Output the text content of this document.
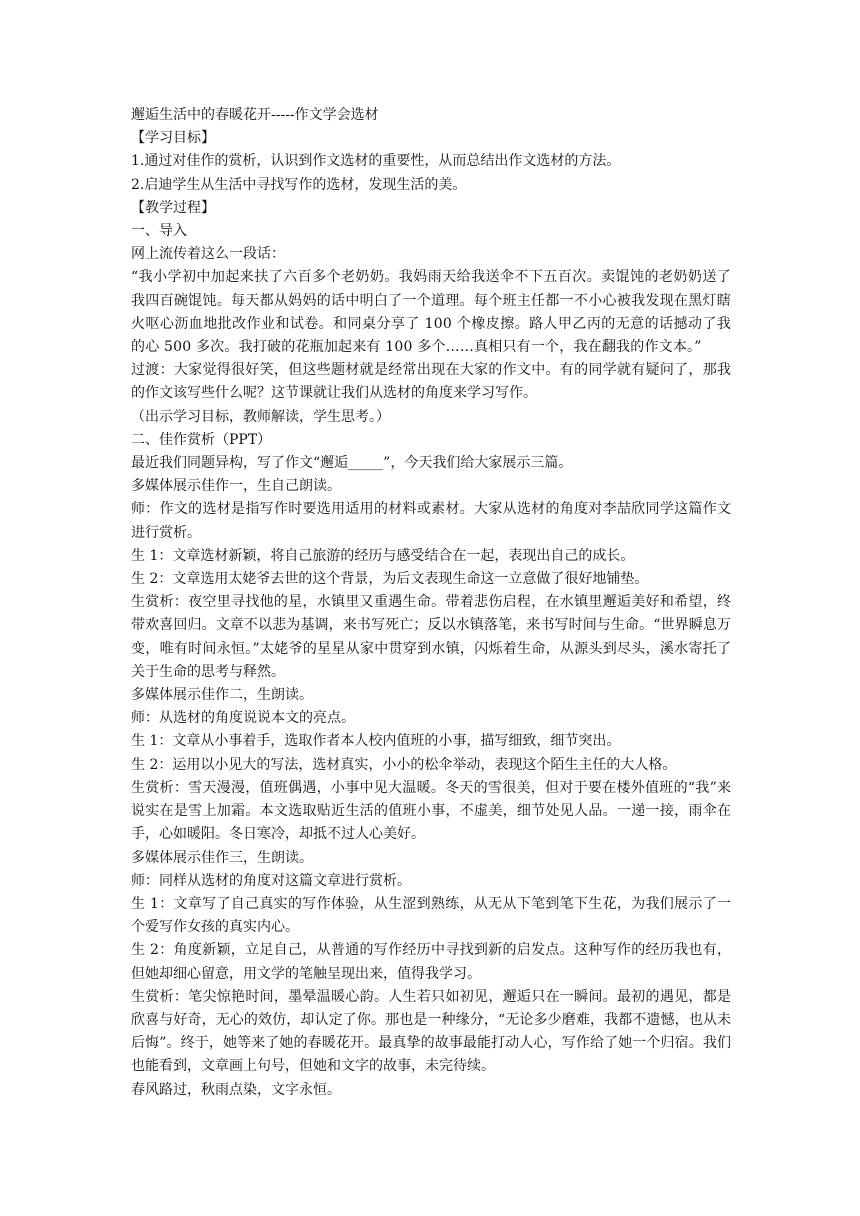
邂逅生活中的春暖花开-----作文学会选材

【学习目标】

1.通过对佳作的赏析，认识到作文选材的重要性，从而总结出作文选材的方法。

2.启迪学生从生活中寻找写作的选材，发现生活的美。

【教学过程】

一、导入

网上流传着这么一段话：

“我小学初中加起来扶了六百多个老奶奶。我妈雨天给我送伞不下五百次。卖馄饨的老奶奶送了我四百碗馄饨。每天都从妈妈的话中明白了一个道理。每个班主任都一不小心被我发现在黑灯瞎火呕心沥血地批改作业和试卷。和同桌分享了 100 个橡皮擦。路人甲乙丙的无意的话撼动了我的心 500 多次。我打破的花瓶加起来有 100 多个……真相只有一个，我在翻我的作文本。”

过渡：大家觉得很好笑，但这些题材就是经常出现在大家的作文中。有的同学就有疑问了，那我的作文该写些什么呢？这节课就让我们从选材的角度来学习写作。

（出示学习目标，教师解读，学生思考。）

二、佳作赏析（PPT）

最近我们同题异构，写了作文“邂逅_____”，今天我们给大家展示三篇。

多媒体展示佳作一，生自己朗读。

师：作文的选材是指写作时要选用适用的材料或素材。大家从选材的角度对李喆欣同学这篇作文进行赏析。

生 1：文章选材新颖，将自己旅游的经历与感受结合在一起，表现出自己的成长。

生 2：文章选用太姥爷去世的这个背景，为后文表现生命这一立意做了很好地铺垫。

生赏析：夜空里寻找他的星，水镇里又重遇生命。带着悲伤启程，在水镇里邂逅美好和希望，终带欢喜回归。文章不以悲为基调，来书写死亡；反以水镇落笔，来书写时间与生命。“世界瞬息万变，唯有时间永恒。”太姥爷的星星从家中贯穿到水镇，闪烁着生命，从源头到尽头，溪水寄托了关于生命的思考与释然。

多媒体展示佳作二，生朗读。

师：从选材的角度说说本文的亮点。

生 1：文章从小事着手，选取作者本人校内值班的小事，描写细致，细节突出。

生 2：运用以小见大的写法，选材真实，小小的松伞举动，表现这个陌生主任的大人格。

生赏析：雪天漫漫，值班偶遇，小事中见大温暖。冬天的雪很美，但对于要在楼外值班的“我”来说实在是雪上加霜。本文选取贴近生活的值班小事，不虚美，细节处见人品。一递一接，雨伞在手，心如暖阳。冬日寒冷，却抵不过人心美好。

多媒体展示佳作三，生朗读。

师：同样从选材的角度对这篇文章进行赏析。

生 1：文章写了自己真实的写作体验，从生涩到熟练，从无从下笔到笔下生花，为我们展示了一个爱写作女孩的真实内心。

生 2：角度新颖，立足自己，从普通的写作经历中寻找到新的启发点。这种写作的经历我也有，但她却细心留意，用文学的笔触呈现出来，值得我学习。

生赏析：笔尖惊艳时间，墨晕温暖心韵。人生若只如初见，邂逅只在一瞬间。最初的遇见，都是欣喜与好奇，无心的效仿，却认定了你。那也是一种缘分，“无论多少磨难，我都不遗憾，也从未后悔”。终于，她等来了她的春暖花开。最真挚的故事最能打动人心，写作给了她一个归宿。我们也能看到，文章画上句号，但她和文字的故事，未完待续。

春风路过，秋雨点染，文字永恒。
